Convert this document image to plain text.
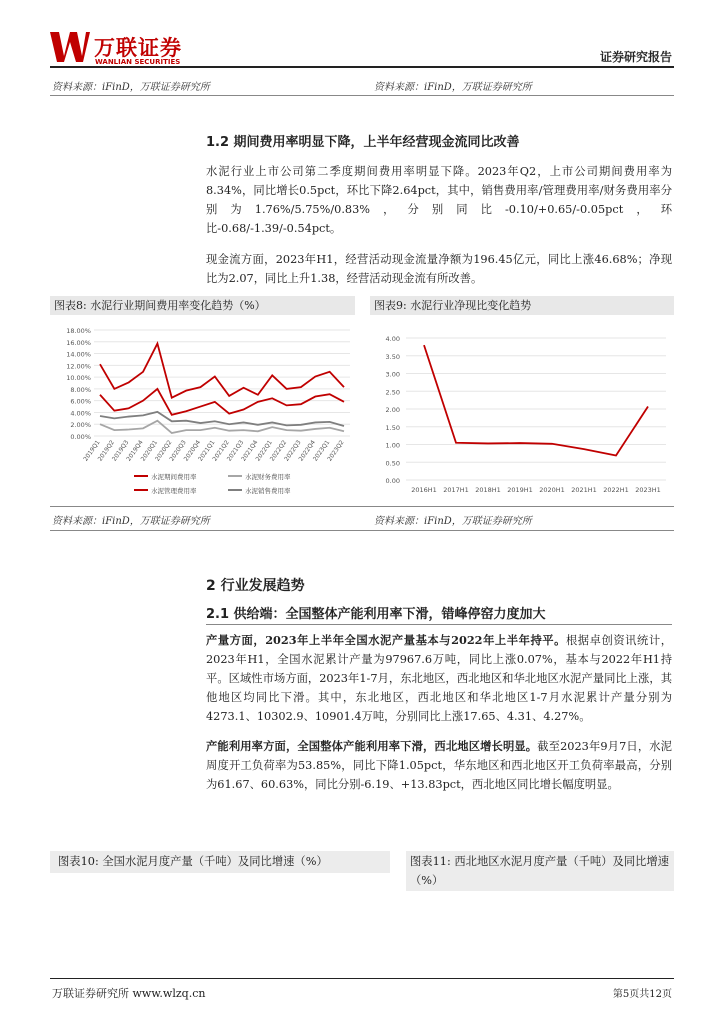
万联证券
WANLIAN SECURITIES	证券研究报告
资料来源：iFinD，万联证券研究所	资料来源：iFinD，万联证券研究所
1.2 期间费用率明显下降，上半年经营现金流同比改善
水泥行业上市公司第二季度期间费用率明显下降。2023年Q2，上市公司期间费用率为8.34%，同比增长0.5pct，环比下降2.64pct，其中，销售费用率/管理费用率/财务费用率分别为1.76%/5.75%/0.83%，分别同比-0.10/+0.65/-0.05pct，环比-0.68/-1.39/-0.54pct。
现金流方面，2023年H1，经营活动现金流量净额为196.45亿元，同比上涨46.68%；净现比为2.07，同比上升1.38，经营活动现金流有所改善。
图表8: 水泥行业期间费用率变化趋势（%）
0.00%
2.00%
4.00%
6.00%
8.00%
10.00%
12.00%
14.00%
16.00%
18.00%
2019Q1
2019Q2
2019Q3
2019Q4
2020Q1
2020Q2
2020Q3
2020Q4
2021Q1
2021Q2
2021Q3
2021Q4
2022Q1
2022Q2
2022Q3
2022Q4
2023Q1
2023Q2
水泥期间费用率	水泥财务费用率
水泥管理费用率	水泥销售费用率
图表9: 水泥行业净现比变化趋势
0.00
0.50
1.00
1.50
2.00
2.50
3.00
3.50
4.00
2016H1 2017H1 2018H1 2019H1 2020H1 2021H1 2022H1 2023H1
资料来源：iFinD，万联证券研究所	资料来源：iFinD，万联证券研究所
2 行业发展趋势
2.1 供给端：全国整体产能利用率下滑，错峰停窑力度加大
产量方面，2023年上半年全国水泥产量基本与2022年上半年持平。根据卓创资讯统计，2023年H1，全国水泥累计产量为97967.6万吨，同比上涨0.07%，基本与2022年H1持平。区域性市场方面，2023年1-7月，东北地区，西北地区和华北地区水泥产量同比上涨，其他地区均同比下滑。其中，东北地区，西北地区和华北地区1-7月水泥累计产量分别为4273.1、10302.9、10901.4万吨，分别同比上涨17.65、4.31、4.27%。
产能利用率方面，全国整体产能利用率下滑，西北地区增长明显。截至2023年9月7日，水泥周度开工负荷率为53.85%，同比下降1.05pct，华东地区和西北地区开工负荷率最高，分别为61.67、60.63%，同比分别-6.19、+13.83pct，西北地区同比增长幅度明显。
图表10: 全国水泥月度产量（千吨）及同比增速（%）	图表11: 西北地区水泥月度产量（千吨）及同比增速（%）
万联证券研究所 www.wlzq.cn	第5页共12页
